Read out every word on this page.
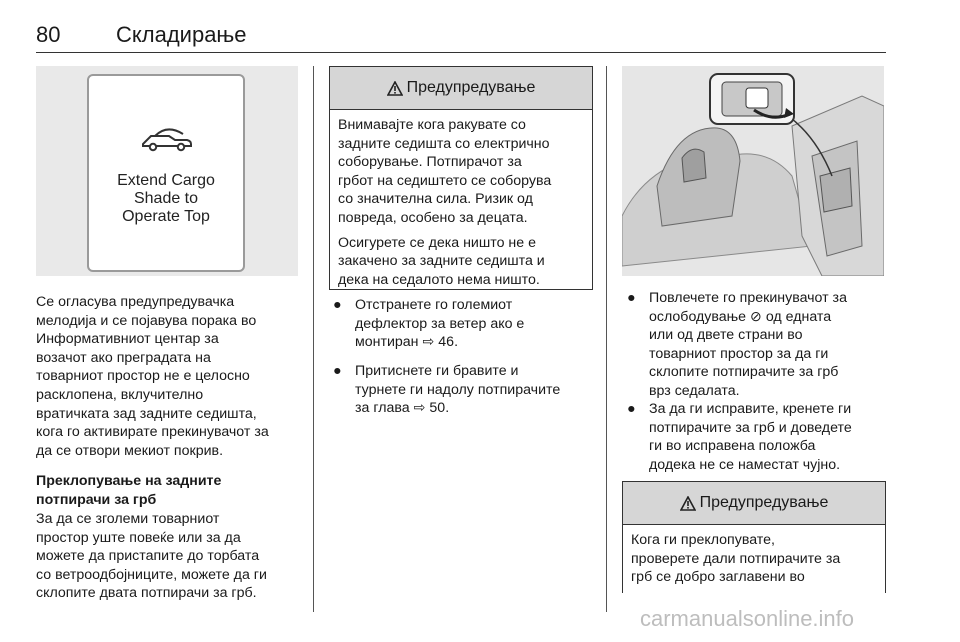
80	Складирање
Extend Cargo
Shade to
Operate Top
Се огласува предупредувачка
мелодија и се појавува порака во
Информативниот центар за
возачот ако преградата на
товарниот простор не е целосно
расклопена, вклучително
вратичката зад задните седишта,
кога го активирате прекинувачот за
да се отвори мекиот покрив.
Преклопување на задните
потпирачи за грб
За да се зголеми товарниот
простор уште повеќе или за да
можете да пристапите до торбата
со ветроодбојниците, можете да ги
склопите двата потпирачи за грб.
Предупредување

Внимавајте кога ракувате со
задните седишта со електрично
соборување. Потпирачот за
грбот на седиштето се соборува
со значителна сила. Ризик од
повреда, особено за децата.

Осигурете се дека ништо не е
закачено за задните седишта и
дека на седалото нема ништо.

● Отстранете го големиот
дефлектор за ветер ако е
монтиран ⇨ 46.
● Притиснете ги бравите и
турнете ги надолу потпирачите
за глава ⇨ 50.
● Повлечете го прекинувачот за
ослободување ⊘ од едната
или од двете страни во
товарниот простор за да ги
склопите потпирачите за грб
врз седалата.
● За да ги исправите, кренете ги
потпирачите за грб и доведете
ги во исправена положба
додека не се наместат чујно.
Предупредување

Кога ги преклопувате,
проверете дали потпирачите за
грб се добро заглавени во

carmanualsonline.info
